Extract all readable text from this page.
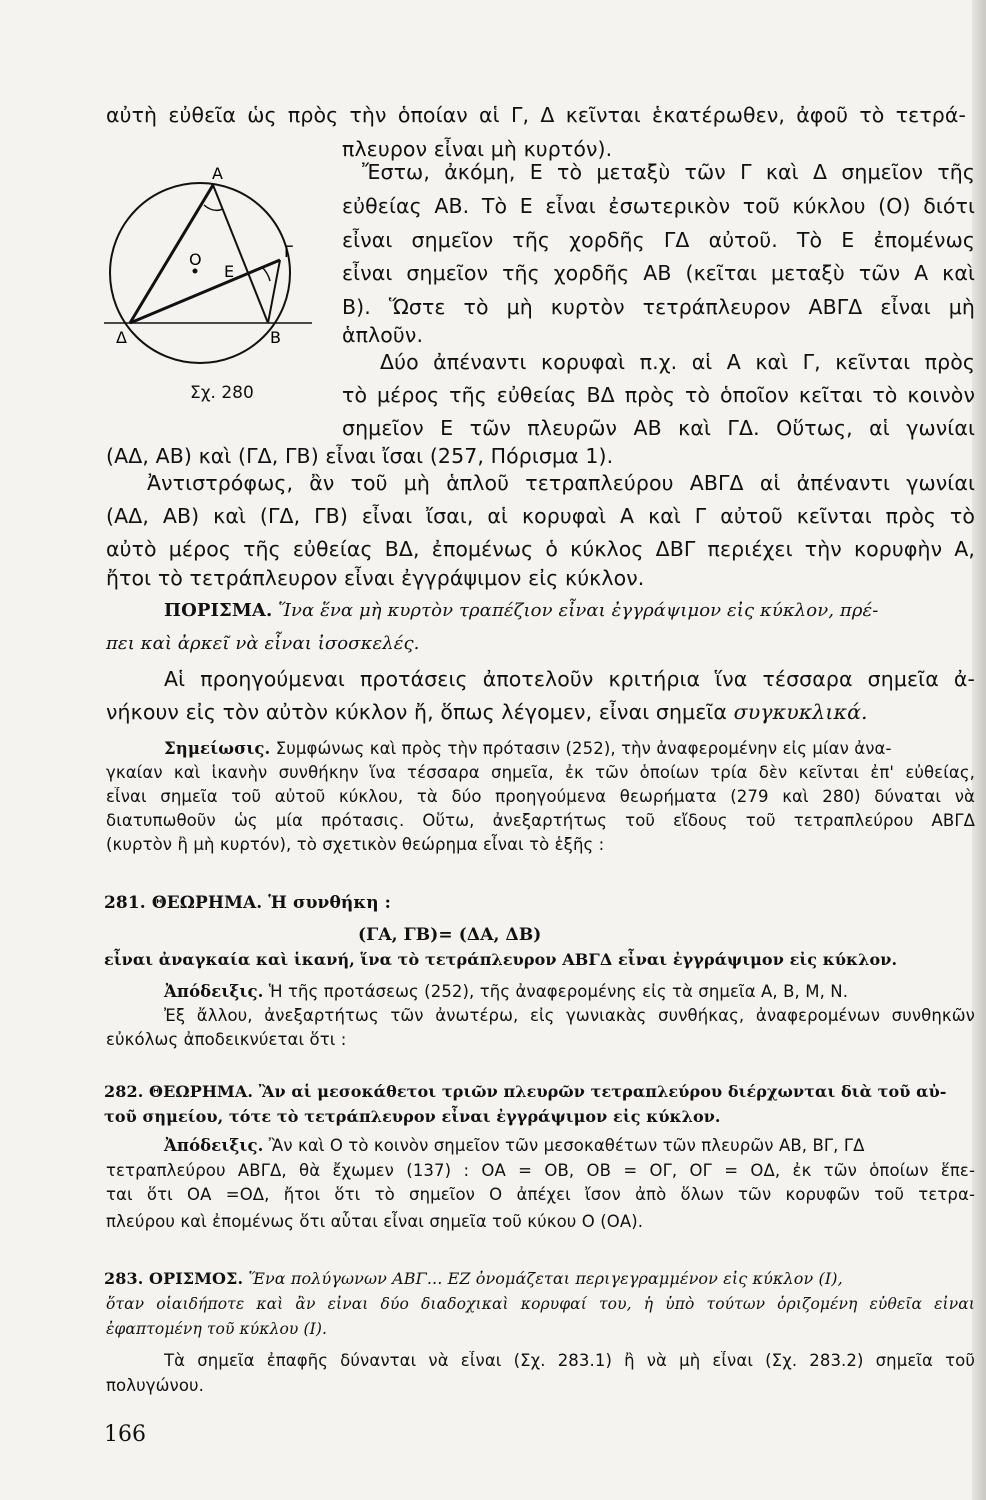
A
O
E
Γ
Δ	B
Σχ. 280
αὐτὴ εὐθεῖα ὡς πρὸς τὴν ὁποίαν αἱ Γ, Δ κεῖνται ἑκατέρωθεν, ἀφοῦ τὸ τετρά-
πλευρον εἶναι μὴ κυρτόν).
Ἔστω, ἀκόμη, Ε τὸ μεταξὺ τῶν Γ καὶ Δ σημεῖον τῆς
εὐθείας ΑΒ. Τὸ Ε εἶναι ἐσωτερικὸν τοῦ κύκλου (Ο) διότι
εἶναι σημεῖον τῆς χορδῆς ΓΔ αὐτοῦ. Τὸ Ε ἐπομένως
εἶναι σημεῖον τῆς χορδῆς ΑΒ (κεῖται μεταξὺ τῶν Α καὶ
Β). Ὥστε τὸ μὴ κυρτὸν τετράπλευρον ΑΒΓΔ εἶναι μὴ
ἁπλοῦν.
Δύο ἀπέναντι κορυφαὶ π.χ. αἱ Α καὶ Γ, κεῖνται πρὸς
τὸ μέρος τῆς εὐθείας ΒΔ πρὸς τὸ ὁποῖον κεῖται τὸ κοινὸν
σημεῖον Ε τῶν πλευρῶν ΑΒ καὶ ΓΔ. Οὕτως, αἱ γωνίαι
(ΑΔ, ΑΒ) καὶ (ΓΔ, ΓΒ) εἶναι ἴσαι (257, Πόρισμα 1).
Ἀντιστρόφως, ἂν τοῦ μὴ ἁπλοῦ τετραπλεύρου ΑΒΓΔ αἱ ἀπέναντι γωνίαι
(ΑΔ, ΑΒ) καὶ (ΓΔ, ΓΒ) εἶναι ἴσαι, αἱ κορυφαὶ Α καὶ Γ αὐτοῦ κεῖνται πρὸς τὸ
αὐτὸ μέρος τῆς εὐθείας ΒΔ, ἐπομένως ὁ κύκλος ΔΒΓ περιέχει τὴν κορυφὴν Α,
ἤτοι τὸ τετράπλευρον εἶναι ἐγγράψιμον εἰς κύκλον.
ΠΟΡΙΣΜΑ. Ἵνα ἕνα μὴ κυρτὸν τραπέζιον εἶναι ἐγγράψιμον εἰς κύκλον, πρέ-
πει καὶ ἀρκεῖ νὰ εἶναι ἰσοσκελές.
Αἱ προηγούμεναι προτάσεις ἀποτελοῦν κριτήρια ἵνα τέσσαρα σημεῖα ἀ-
νήκουν εἰς τὸν αὐτὸν κύκλον ἤ, ὅπως λέγομεν, εἶναι σημεῖα συγκυκλικά.
Σημείωσις. Συμφώνως καὶ πρὸς τὴν πρότασιν (252), τὴν ἀναφερομένην εἰς μίαν ἀνα-
γκαίαν καὶ ἱκανὴν συνθήκην ἵνα τέσσαρα σημεῖα, ἐκ τῶν ὁποίων τρία δὲν κεῖνται ἐπ' εὐθείας,
εἶναι σημεῖα τοῦ αὐτοῦ κύκλου, τὰ δύο προηγούμενα θεωρήματα (279 καὶ 280) δύναται νὰ
διατυπωθοῦν ὡς μία πρότασις. Οὕτω, ἀνεξαρτήτως τοῦ εἴδους τοῦ τετραπλεύρου ΑΒΓΔ
(κυρτὸν ἢ μὴ κυρτόν), τὸ σχετικὸν θεώρημα εἶναι τὸ ἑξῆς :
281. ΘΕΩΡΗΜΑ. Ἡ συνθήκη :
(ΓΑ, ΓΒ)= (ΔΑ, ΔΒ)
εἶναι ἀναγκαία καὶ ἱκανή, ἵνα τὸ τετράπλευρον ΑΒΓΔ εἶναι ἐγγράψιμον εἰς κύκλον.
Ἀπόδειξις. Ἡ τῆς προτάσεως (252), τῆς ἀναφερομένης εἰς τὰ σημεῖα Α, Β, Μ, Ν.
Ἐξ ἄλλου, ἀνεξαρτήτως τῶν ἀνωτέρω, εἰς γωνιακὰς συνθήκας, ἀναφερομένων συνθηκῶν
εὐκόλως ἀποδεικνύεται ὅτι :
282. ΘΕΩΡΗΜΑ. Ἂν αἱ μεσοκάθετοι τριῶν πλευρῶν τετραπλεύρου διέρχωνται διὰ τοῦ αὐ-
τοῦ σημείου, τότε τὸ τετράπλευρον εἶναι ἐγγράψιμον εἰς κύκλον.
Ἀπόδειξις. Ἂν καὶ Ο τὸ κοινὸν σημεῖον τῶν μεσοκαθέτων τῶν πλευρῶν ΑΒ, ΒΓ, ΓΔ
τετραπλεύρου ΑΒΓΔ, θὰ ἔχωμεν (137) : ΟΑ = ΟΒ, ΟΒ = ΟΓ, ΟΓ = ΟΔ, ἐκ τῶν ὁποίων ἕπε-
ται ὅτι ΟΑ =ΟΔ, ἤτοι ὅτι τὸ σημεῖον Ο ἀπέχει ἴσον ἀπὸ ὅλων τῶν κορυφῶν τοῦ τετρα-
πλεύρου καὶ ἐπομένως ὅτι αὗται εἶναι σημεῖα τοῦ κύκου Ο (ΟΑ).
283. ΟΡΙΣΜΟΣ. Ἕνα πολύγωνων ΑΒΓ... ΕΖ ὀνομάζεται περιγεγραμμένον εἰς κύκλον (Ι),
ὅταν οἱαιδήποτε καὶ ἂν εἶναι δύο διαδοχικαὶ κορυφαί του, ἡ ὑπὸ τούτων ὁριζομένη εὐθεῖα εἶναι
ἐφαπτομένη τοῦ κύκλου (Ι).
Τὰ σημεῖα ἐπαφῆς δύνανται νὰ εἶναι (Σχ. 283.1) ἢ νὰ μὴ εἶναι (Σχ. 283.2) σημεῖα τοῦ
πολυγώνου.
166
